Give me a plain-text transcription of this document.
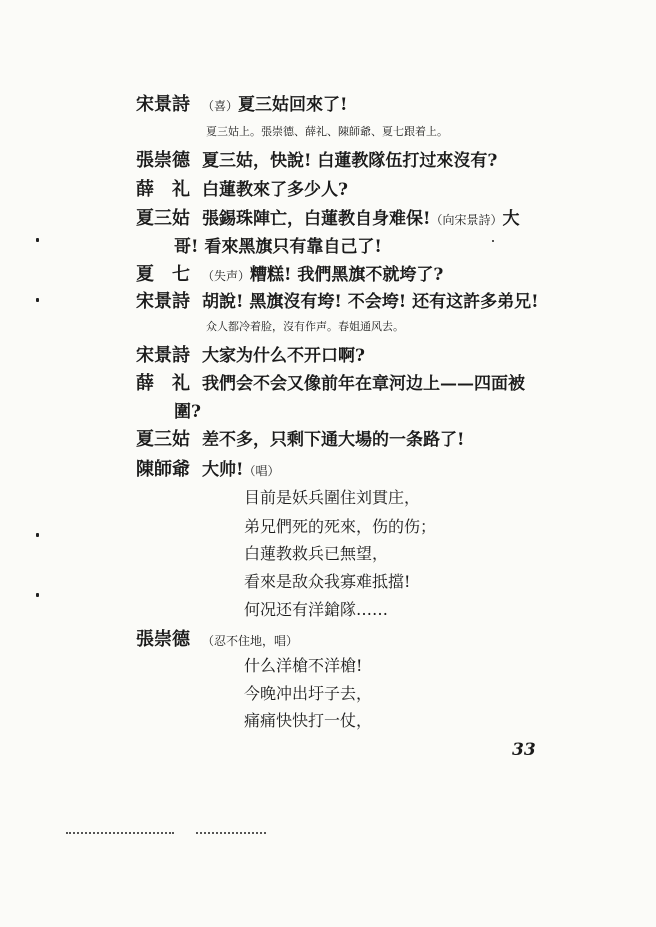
宋景詩 （喜）夏三姑回來了!
夏三姑上。張崇德、薛礼、陳師爺、夏七跟着上。
張崇德 夏三姑，快說! 白蓮教隊伍打过來沒有?
薛　礼 白蓮教來了多少人?
夏三姑 張錫珠陣亡，白蓮教自身难保!（向宋景詩）大
哥! 看來黑旗只有靠自己了!
夏　七 （失声）糟糕! 我們黑旗不就垮了?
宋景詩 胡說! 黑旗沒有垮! 不会垮! 还有这許多弟兄!
众人都冷着脸，沒有作声。春姐通风去。
宋景詩 大家为什么不开口啊?
薛　礼 我們会不会又像前年在章河边上——四面被
圍?
夏三姑 差不多，只剩下通大場的一条路了!
陳師爺 大帅!（唱）
目前是妖兵圍住刘貫庄，
弟兄們死的死來，伤的伤；
白蓮教救兵已無望，
看來是敌众我寡难抵擋!
何况还有洋鎗隊……
張崇德 （忍不住地，唱）
什么洋槍不洋槍!
今晚冲出圩子去，
痛痛快快打一仗，
33
